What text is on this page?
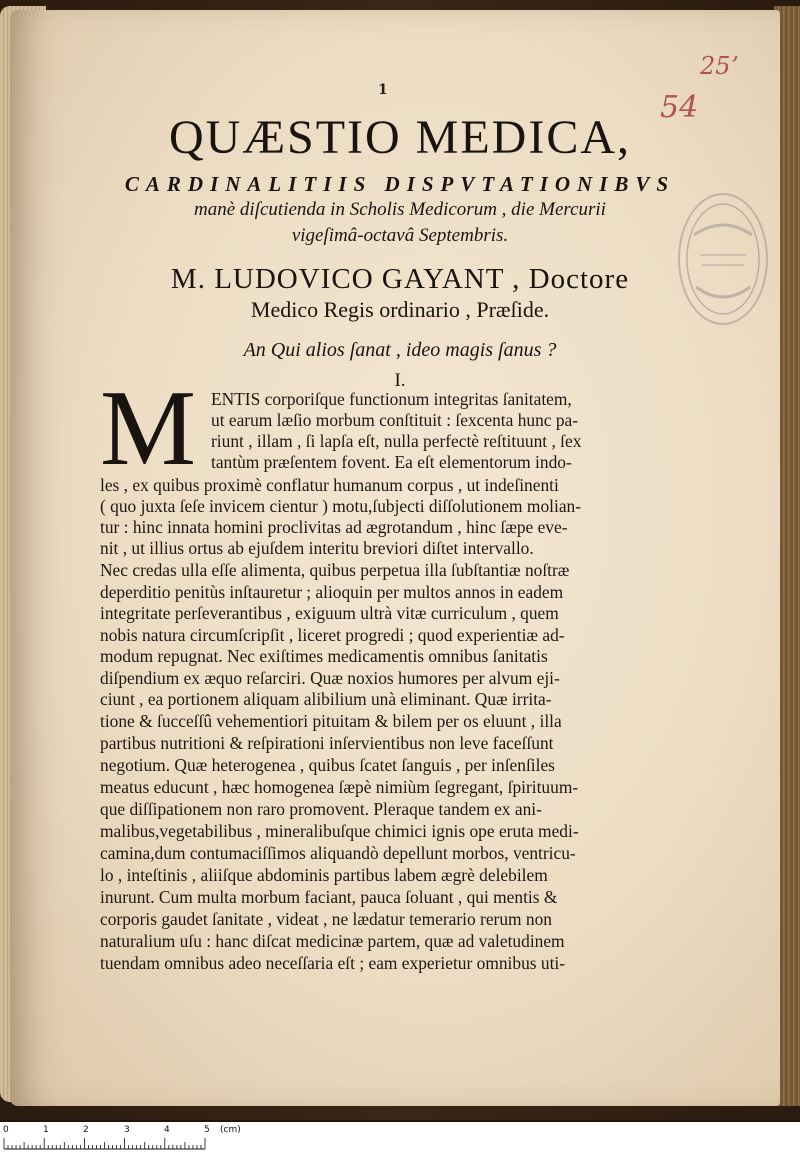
1
25ʼ
54
QUÆSTIO MEDICA,
CARDINALITIIS DISPVTATIONIBVS
manè diſcutienda in Scholis Medicorum , die Mercurii
vigeſimâ-octavâ Septembris.
M. LUDOVICO GAYANT , Doctore
Medico Regis ordinario , Præſide.
An Qui alios ſanat , ideo magis ſanus ?
I.
M ENTIS corporiſque functionum integritas ſanitatem,
ut earum læſio morbum conſtituit : ſexcenta hunc pa-
riunt , illam , ſi lapſa eſt, nulla perfectè reſtituunt , ſex
tantùm præſentem fovent. Ea eſt elementorum indo-
les , ex quibus proximè conflatur humanum corpus , ut indeſinenti
( quo juxta ſeſe invicem cientur ) motu,ſubjecti diſſolutionem molian-
tur : hinc innata homini proclivitas ad ægrotandum , hinc ſæpe eve-
nit , ut illius ortus ab ejuſdem interitu breviori diſtet intervallo.
Nec credas ulla eſſe alimenta, quibus perpetua illa ſubſtantiæ noſtræ
deperditio penitùs inſtauretur ; alioquin per multos annos in eadem
integritate perſeverantibus , exiguum ultrà vitæ curriculum , quem
nobis natura circumſcripſit , liceret progredi ; quod experientiæ ad-
modum repugnat. Nec exiſtimes medicamentis omnibus ſanitatis
diſpendium ex æquo reſarciri. Quæ noxios humores per alvum eji-
ciunt , ea portionem aliquam alibilium unà eliminant. Quæ irrita-
tione & ſucceſſû vehementiori pituitam & bilem per os eluunt , illa
partibus nutritioni & reſpirationi inſervientibus non leve faceſſunt
negotium. Quæ heterogenea , quibus ſcatet ſanguis , per inſenſiles
meatus educunt , hæc homogenea ſæpè nimiùm ſegregant, ſpirituum-
que diſſipationem non raro promovent. Pleraque tandem ex ani-
malibus,vegetabilibus , mineralibuſque chimici ignis ope eruta medi-
camina,dum contumaciſſimos aliquandò depellunt morbos, ventricu-
lo , inteſtinis , aliiſque abdominis partibus labem ægrè delebilem
inurunt. Cum multa morbum faciant, pauca ſoluant , qui mentis &
corporis gaudet ſanitate , videat , ne lædatur temerario rerum non
naturalium uſu : hanc diſcat medicinæ partem, quæ ad valetudinem
tuendam omnibus adeo neceſſaria eſt ; eam experietur omnibus uti-
0	1	2	3	4	5 (cm)
